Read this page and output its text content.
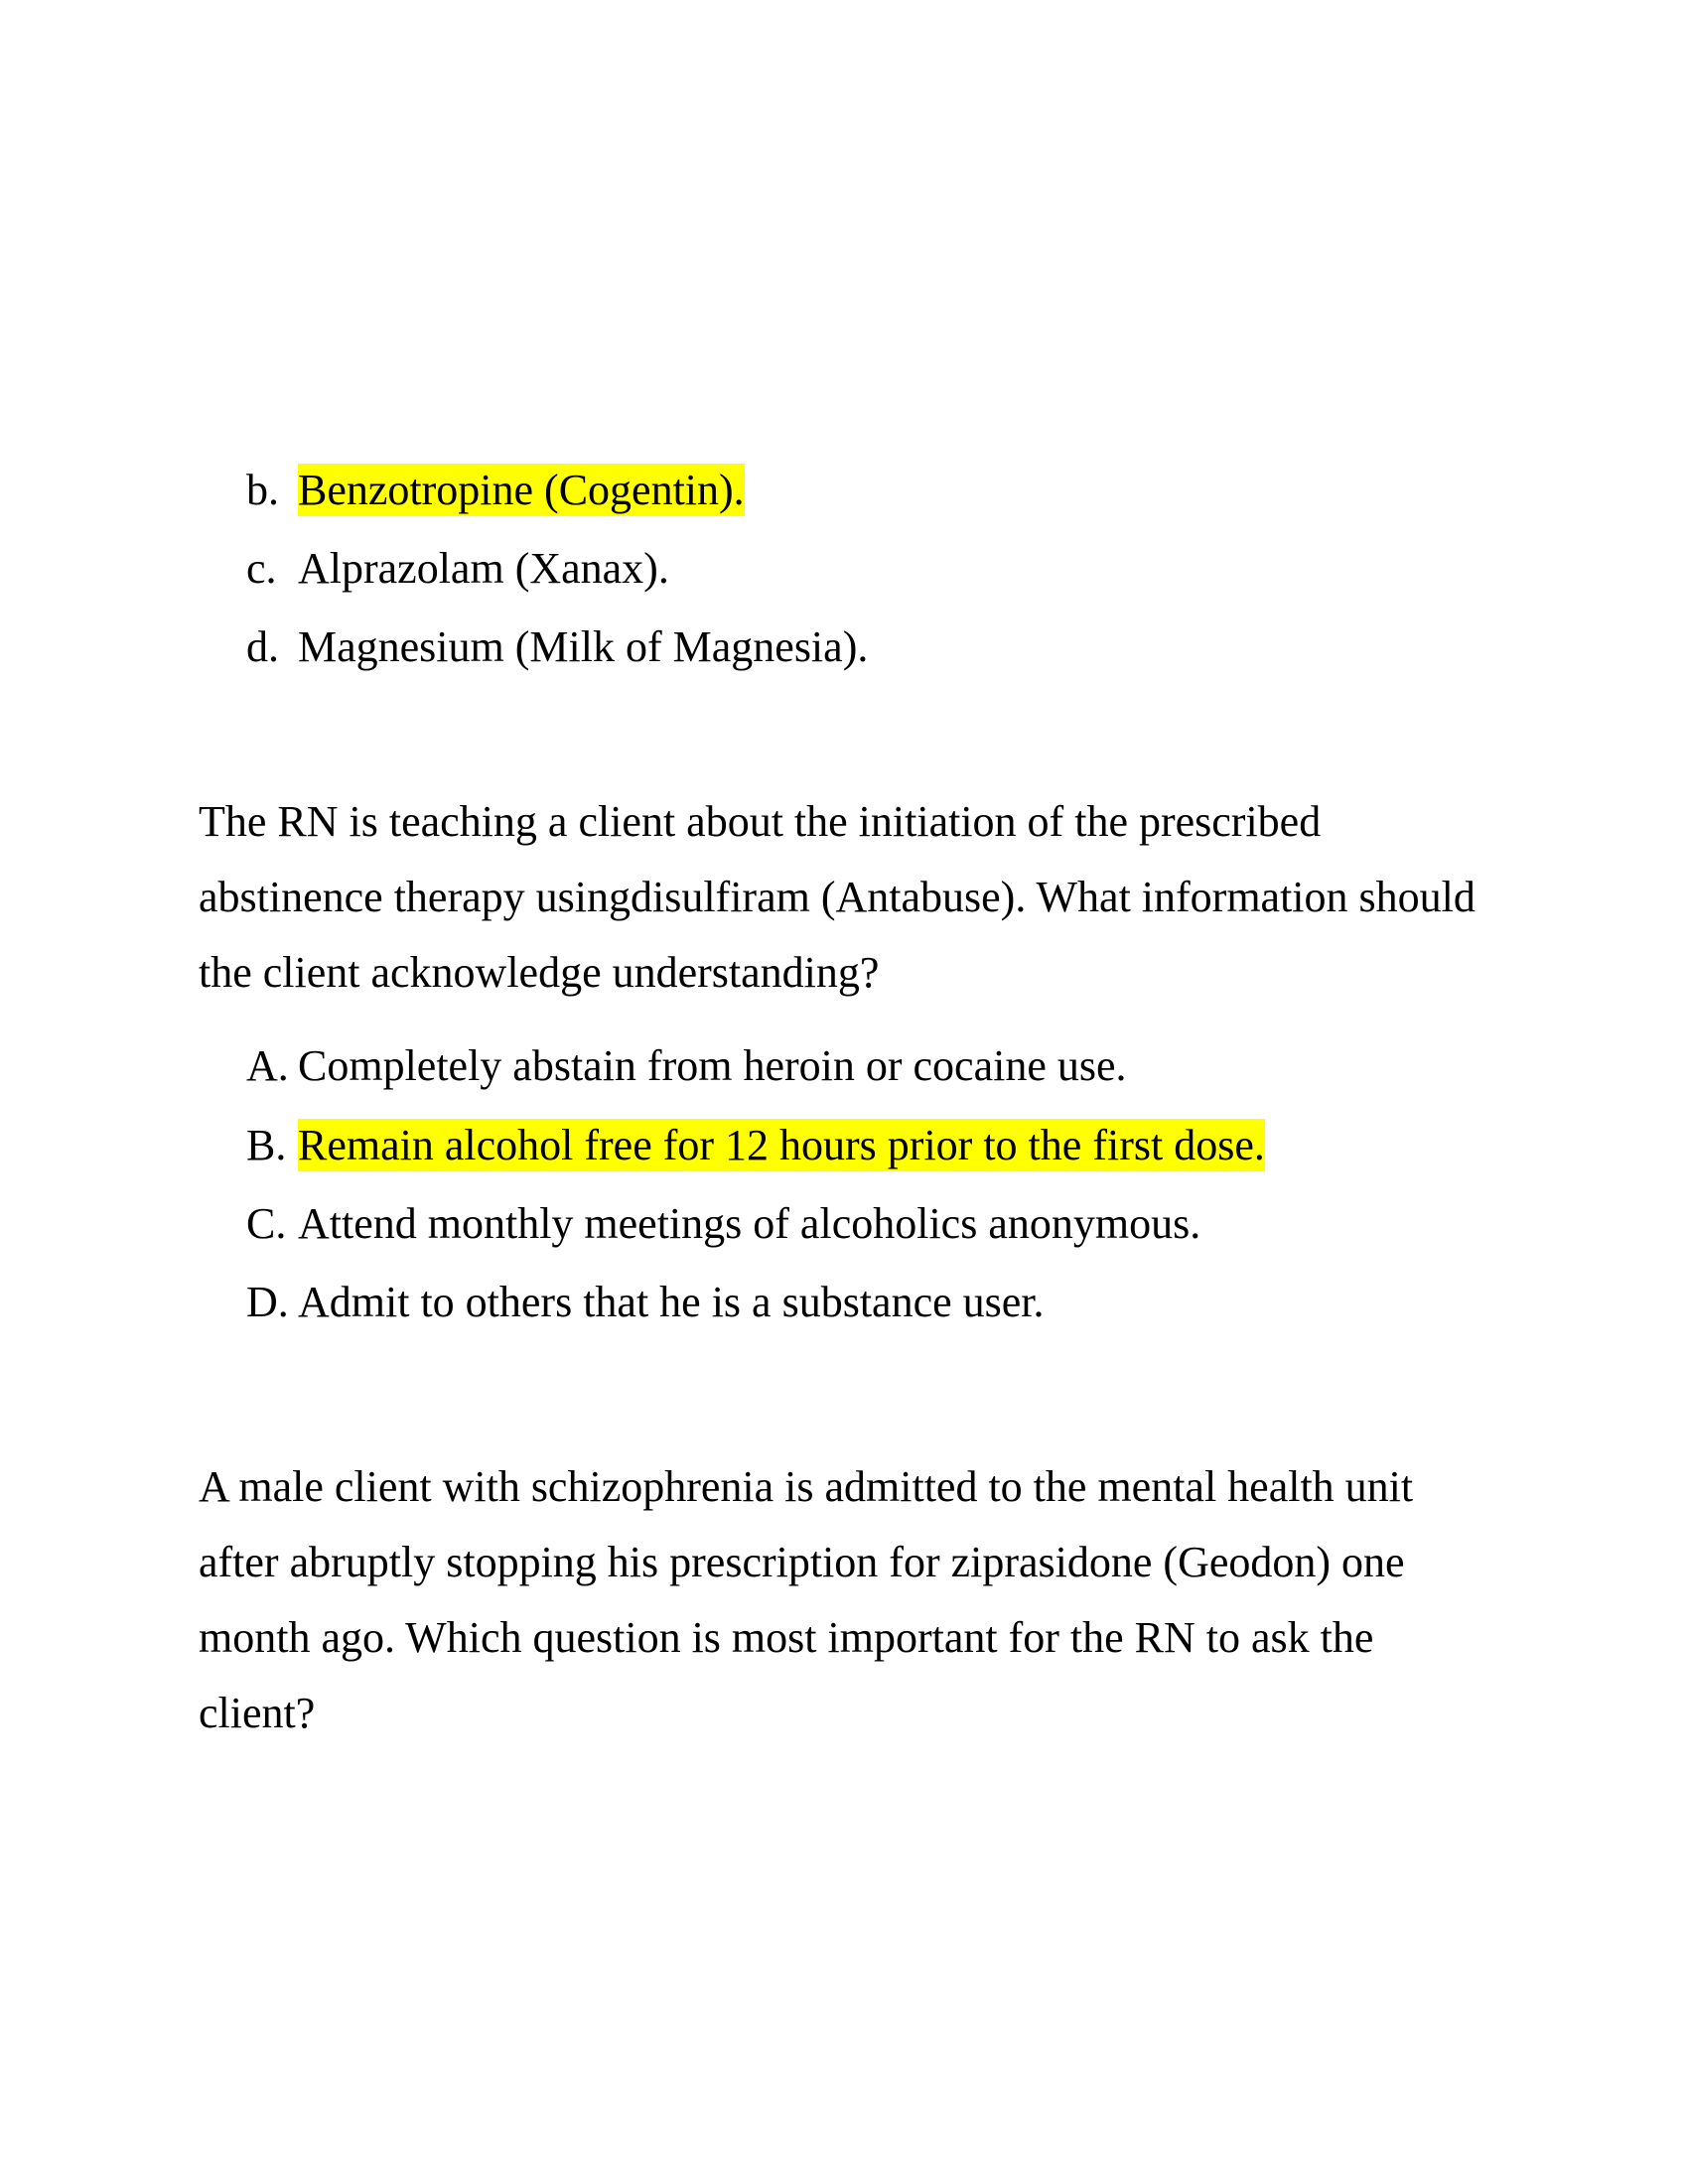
b. Benzotropine (Cogentin).
c. Alprazolam (Xanax).
d. Magnesium (Milk of Magnesia).

The RN is teaching a client about the initiation of the prescribed abstinence therapy usingdisulfiram (Antabuse). What information should the client acknowledge understanding?

A. Completely abstain from heroin or cocaine use.
B. Remain alcohol free for 12 hours prior to the first dose.
C. Attend monthly meetings of alcoholics anonymous.
D. Admit to others that he is a substance user.

A male client with schizophrenia is admitted to the mental health unit after abruptly stopping his prescription for ziprasidone (Geodon) one month ago. Which question is most important for the RN to ask the client?
